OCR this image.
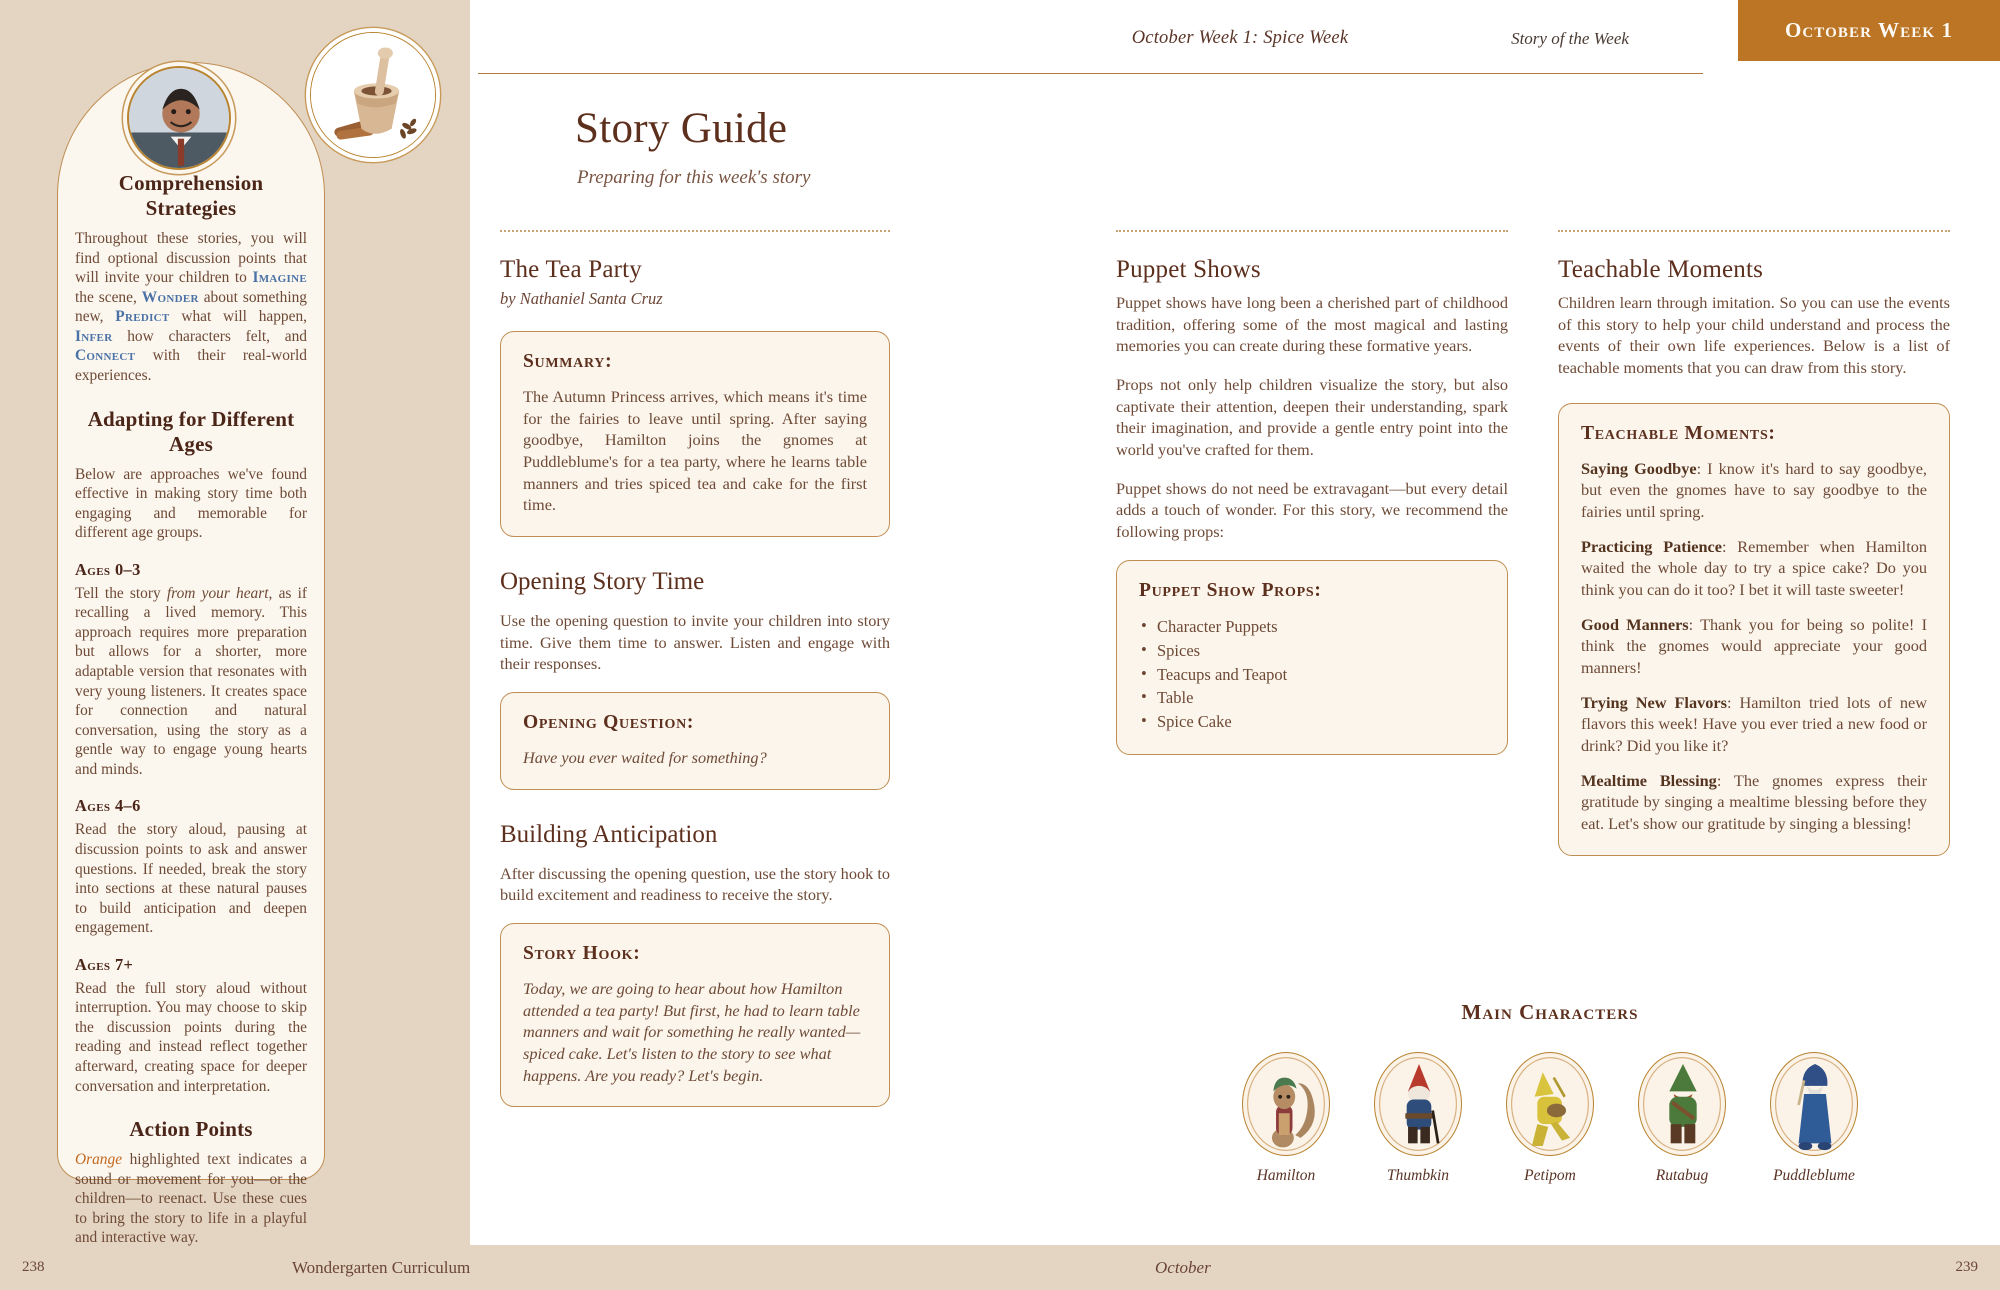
October Week 1: Spice Week	Story of the Week	October Week 1
Comprehension Strategies

Throughout these stories, you will find optional discussion points that will invite your children to Imagine the scene, Wonder about something new, Predict what will happen, Infer how characters felt, and Connect with their real-world experiences.

Adapting for Different Ages

Below are approaches we've found effective in making story time both engaging and memorable for different age groups.

Ages 0–3

Tell the story from your heart, as if recalling a lived memory. This approach requires more preparation but allows for a shorter, more adaptable version that resonates with very young listeners. It creates space for connection and natural conversation, using the story as a gentle way to engage young hearts and minds.

Ages 4–6

Read the story aloud, pausing at discussion points to ask and answer questions. If needed, break the story into sections at these natural pauses to build anticipation and deepen engagement.

Ages 7+

Read the full story aloud without interruption. You may choose to skip the discussion points during the reading and instead reflect together afterward, creating space for deeper conversation and interpretation.

Action Points

Orange highlighted text indicates a sound or movement for you—or the children—to reenact. Use these cues to bring the story to life in a playful and interactive way.

Story Guide
Preparing for this week's story
The Tea Party
by Nathaniel Santa Cruz
Summary:
The Autumn Princess arrives, which means it's time for the fairies to leave until spring. After saying goodbye, Hamilton joins the gnomes at Puddleblume's for a tea party, where he learns table manners and tries spiced tea and cake for the first time.
Opening Story Time

Use the opening question to invite your children into story time. Give them time to answer. Listen and engage with their responses.

Opening Question:
Have you ever waited for something?
Building Anticipation

After discussing the opening question, use the story hook to build excitement and readiness to receive the story.

Story Hook:
Today, we are going to hear about how Hamilton attended a tea party! But first, he had to learn table manners and wait for something he really wanted—spiced cake. Let's listen to the story to see what happens. Are you ready? Let's begin.
Puppet Shows

Puppet shows have long been a cherished part of childhood tradition, offering some of the most magical and lasting memories you can create during these formative years.

Props not only help children visualize the story, but also captivate their attention, deepen their understanding, spark their imagination, and provide a gentle entry point into the world you've crafted for them.

Puppet shows do not need be extravagant—but every detail adds a touch of wonder. For this story, we recommend the following props:

Puppet Show Props:
• Character Puppets
• Spices
• Teacups and Teapot
• Table
• Spice Cake
Teachable Moments

Children learn through imitation. So you can use the events of this story to help your child understand and process the events of their own life experiences. Below is a list of teachable moments that you can draw from this story.

Teachable Moments:
Saying Goodbye: I know it's hard to say goodbye, but even the gnomes have to say goodbye to the fairies until spring.
Practicing Patience: Remember when Hamilton waited the whole day to try a spice cake? Do you think you can do it too? I bet it will taste sweeter!
Good Manners: Thank you for being so polite! I think the gnomes would appreciate your good manners!
Trying New Flavors: Hamilton tried lots of new flavors this week! Have you ever tried a new food or drink? Did you like it?
Mealtime Blessing: The gnomes express their gratitude by singing a mealtime blessing before they eat. Let's show our gratitude by singing a blessing!
Main Characters
Hamilton	Thumbkin	Petipom	Rutabug	Puddleblume
238	Wondergarten Curriculum	October	239
